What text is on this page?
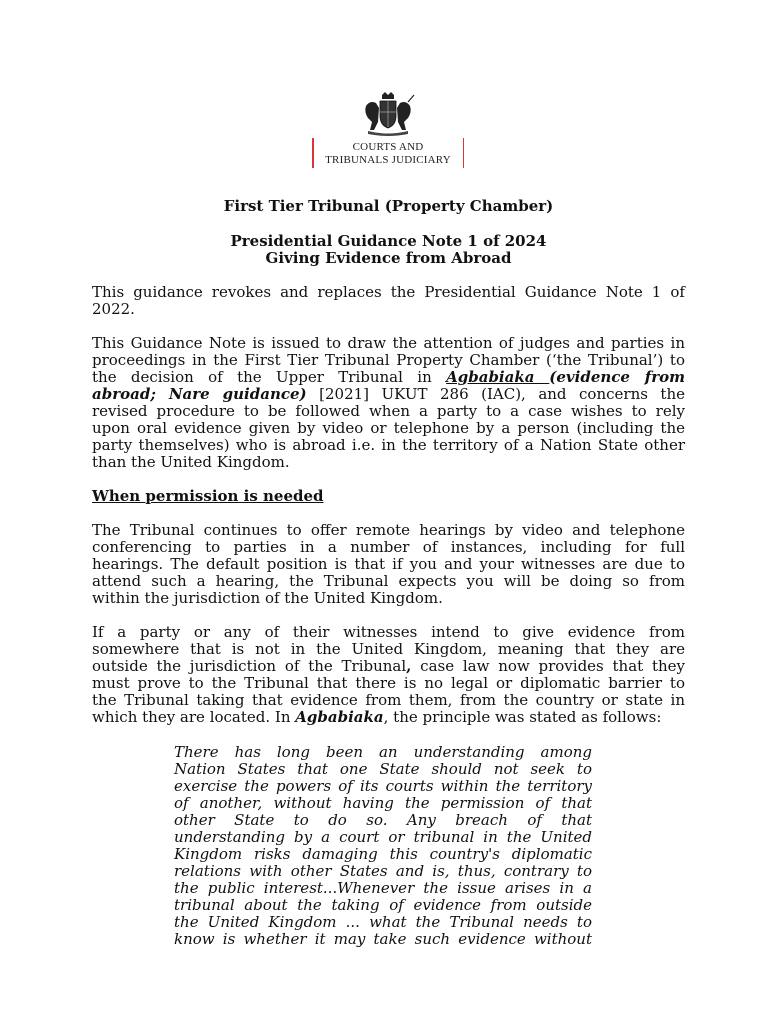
COURTS AND
TRIBUNALS JUDICIARY
First Tier Tribunal (Property Chamber)
Presidential Guidance Note 1 of 2024
Giving Evidence from Abroad
This guidance revokes and replaces the Presidential Guidance Note 1 of
2022.
This Guidance Note is issued to draw the attention of judges and parties in
proceedings in the First Tier Tribunal Property Chamber (‘the Tribunal’) to
the decision of the Upper Tribunal in Agbabiaka (evidence from
abroad; Nare guidance) [2021] UKUT 286 (IAC), and concerns the
revised procedure to be followed when a party to a case wishes to rely
upon oral evidence given by video or telephone by a person (including the
party themselves) who is abroad i.e. in the territory of a Nation State other
than the United Kingdom.
When permission is needed
The Tribunal continues to offer remote hearings by video and telephone
conferencing to parties in a number of instances, including for full
hearings. The default position is that if you and your witnesses are due to
attend such a hearing, the Tribunal expects you will be doing so from
within the jurisdiction of the United Kingdom.
If a party or any of their witnesses intend to give evidence from
somewhere that is not in the United Kingdom, meaning that they are
outside the jurisdiction of the Tribunal, case law now provides that they
must prove to the Tribunal that there is no legal or diplomatic barrier to
the Tribunal taking that evidence from them, from the country or state in
which they are located. In Agbabiaka, the principle was stated as follows:
There has long been an understanding among
Nation States that one State should not seek to
exercise the powers of its courts within the territory
of another, without having the permission of that
other State to do so. Any breach of that
understanding by a court or tribunal in the United
Kingdom risks damaging this country's diplomatic
relations with other States and is, thus, contrary to
the public interest...Whenever the issue arises in a
tribunal about the taking of evidence from outside
the United Kingdom ... what the Tribunal needs to
know is whether it may take such evidence without
